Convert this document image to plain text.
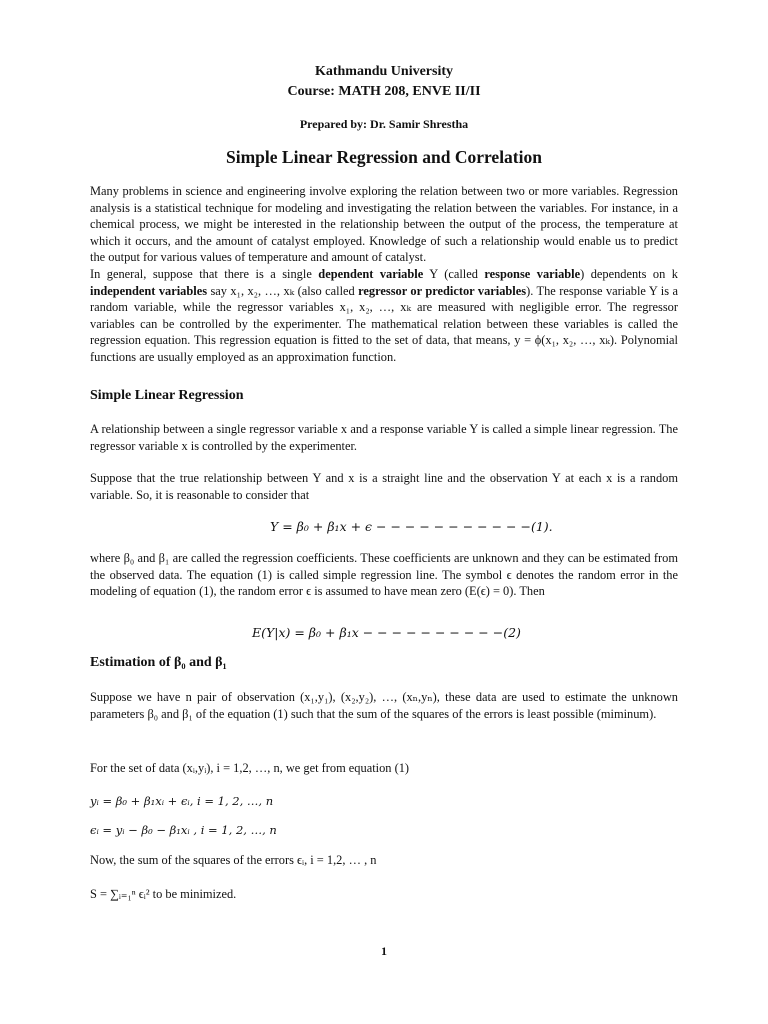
Kathmandu University
Course: MATH 208, ENVE II/II
Prepared by: Dr. Samir Shrestha
Simple Linear Regression and Correlation

Many problems in science and engineering involve exploring the relation between two or more variables. Regression analysis is a statistical technique for modeling and investigating the relation between the variables. For instance, in a chemical process, we might be interested in the relationship between the output of the process, the temperature at which it occurs, and the amount of catalyst employed. Knowledge of such a relationship would enable us to predict the output for various values of temperature and amount of catalyst.

In general, suppose that there is a single dependent variable Y (called response variable) dependents on k independent variables say x₁, x₂, …, xₖ (also called regressor or predictor variables). The response variable Y is a random variable, while the regressor variables x₁, x₂, …, xₖ are measured with negligible error. The regressor variables can be controlled by the experimenter. The mathematical relation between these variables is called the regression equation. This regression equation is fitted to the set of data, that means, y = ϕ(x₁, x₂, …, xₖ). Polynomial functions are usually employed as an approximation function.

Simple Linear Regression
A relationship between a single regressor variable x and a response variable Y is called a simple linear regression. The regressor variable x is controlled by the experimenter.
Suppose that the true relationship between Y and x is a straight line and the observation Y at each x is a random variable. So, it is reasonable to consider that
Y = β₀ + β₁x + ϵ − − − − − − − − − − −(1).
where β₀ and β₁ are called the regression coefficients. These coefficients are unknown and they can be estimated from the observed data. The equation (1) is called simple regression line. The symbol ϵ denotes the random error in the modeling of equation (1), the random error ϵ is assumed to have mean zero (E(ϵ) = 0). Then
E(Y|x) = β₀ + β₁x − − − − − − − − − −(2)
Estimation of β₀ and β₁
Suppose we have n pair of observation (x₁,y₁), (x₂,y₂), …, (xₙ,yₙ), these data are used to estimate the unknown parameters β₀ and β₁ of the equation (1) such that the sum of the squares of the errors is least possible (miminum).
For the set of data (xᵢ,yᵢ), i = 1,2, …, n, we get from equation (1)
yᵢ = β₀ + β₁xᵢ + ϵᵢ, i = 1, 2, …, n
ϵᵢ = yᵢ − β₀ − β₁xᵢ , i = 1, 2, …, n
Now, the sum of the squares of the errors ϵᵢ, i = 1,2, … , n
S = ∑ᵢ₌₁ⁿ ϵᵢ² to be minimized.
1
